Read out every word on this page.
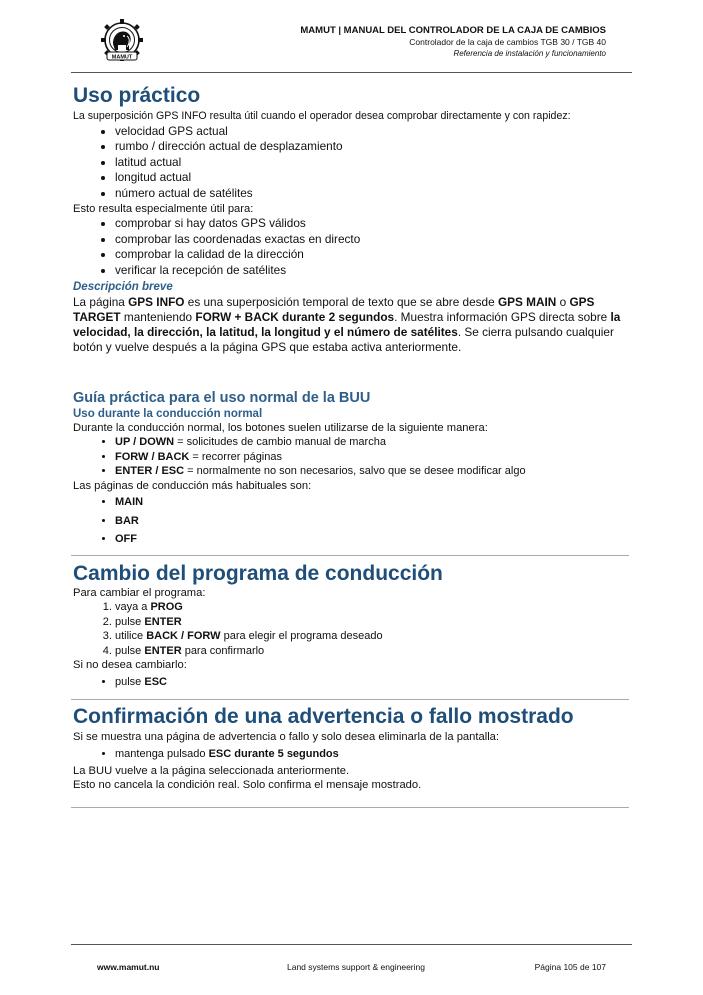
MAMUT
MAMUT | MANUAL DEL CONTROLADOR DE LA CAJA DE CAMBIOS
Controlador de la caja de cambios TGB 30 / TGB 40
Referencia de instalación y funcionamiento
Uso práctico

La superposición GPS INFO resulta útil cuando el operador desea comprobar directamente y con rapidez:

• velocidad GPS actual
• rumbo / dirección actual de desplazamiento
• latitud actual
• longitud actual
• número actual de satélites

Esto resulta especialmente útil para:

• comprobar si hay datos GPS válidos
• comprobar las coordenadas exactas en directo
• comprobar la calidad de la dirección
• verificar la recepción de satélites
Descripción breve

La página GPS INFO es una superposición temporal de texto que se abre desde GPS MAIN o GPS TARGET manteniendo FORW + BACK durante 2 segundos. Muestra información GPS directa sobre la velocidad, la dirección, la latitud, la longitud y el número de satélites. Se cierra pulsando cualquier botón y vuelve después a la página GPS que estaba activa anteriormente.

Guía práctica para el uso normal de la BUU
Uso durante la conducción normal

Durante la conducción normal, los botones suelen utilizarse de la siguiente manera:

• UP / DOWN = solicitudes de cambio manual de marcha
• FORW / BACK = recorrer páginas
• ENTER / ESC = normalmente no son necesarios, salvo que se desee modificar algo

Las páginas de conducción más habituales son:

• MAIN
• BAR
• OFF
Cambio del programa de conducción

Para cambiar el programa:

1. vaya a PROG
2. pulse ENTER
3. utilice BACK / FORW para elegir el programa deseado
4. pulse ENTER para confirmarlo

Si no desea cambiarlo:

• pulse ESC
Confirmación de una advertencia o fallo mostrado

Si se muestra una página de advertencia o fallo y solo desea eliminarla de la pantalla:

• mantenga pulsado ESC durante 5 segundos

La BUU vuelve a la página seleccionada anteriormente.

Esto no cancela la condición real. Solo confirma el mensaje mostrado.

www.mamut.nu	Land systems support & engineering	Página 105 de 107
